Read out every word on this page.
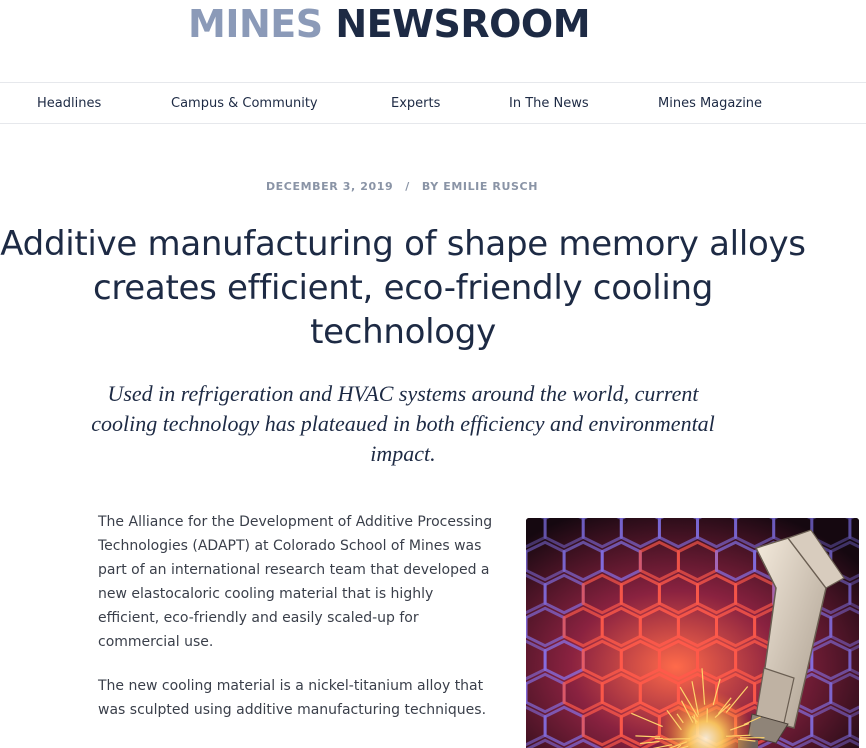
MINES NEWSROOM
Headlines	Campus & Community	Experts	In The News	Mines Magazine
DECEMBER 3, 2019 / BY EMILIE RUSCH
Additive manufacturing of shape memory alloys creates efficient, eco-friendly cooling technology

Used in refrigeration and HVAC systems around the world, current cooling technology has plateaued in both efficiency and environmental impact.

The Alliance for the Development of Additive Processing Technologies (ADAPT) at Colorado School of Mines was part of an international research team that developed a new elastocaloric cooling material that is highly efficient, eco-friendly and easily scaled-up for commercial use.

The new cooling material is a nickel-titanium alloy that was sculpted using additive manufacturing techniques.
